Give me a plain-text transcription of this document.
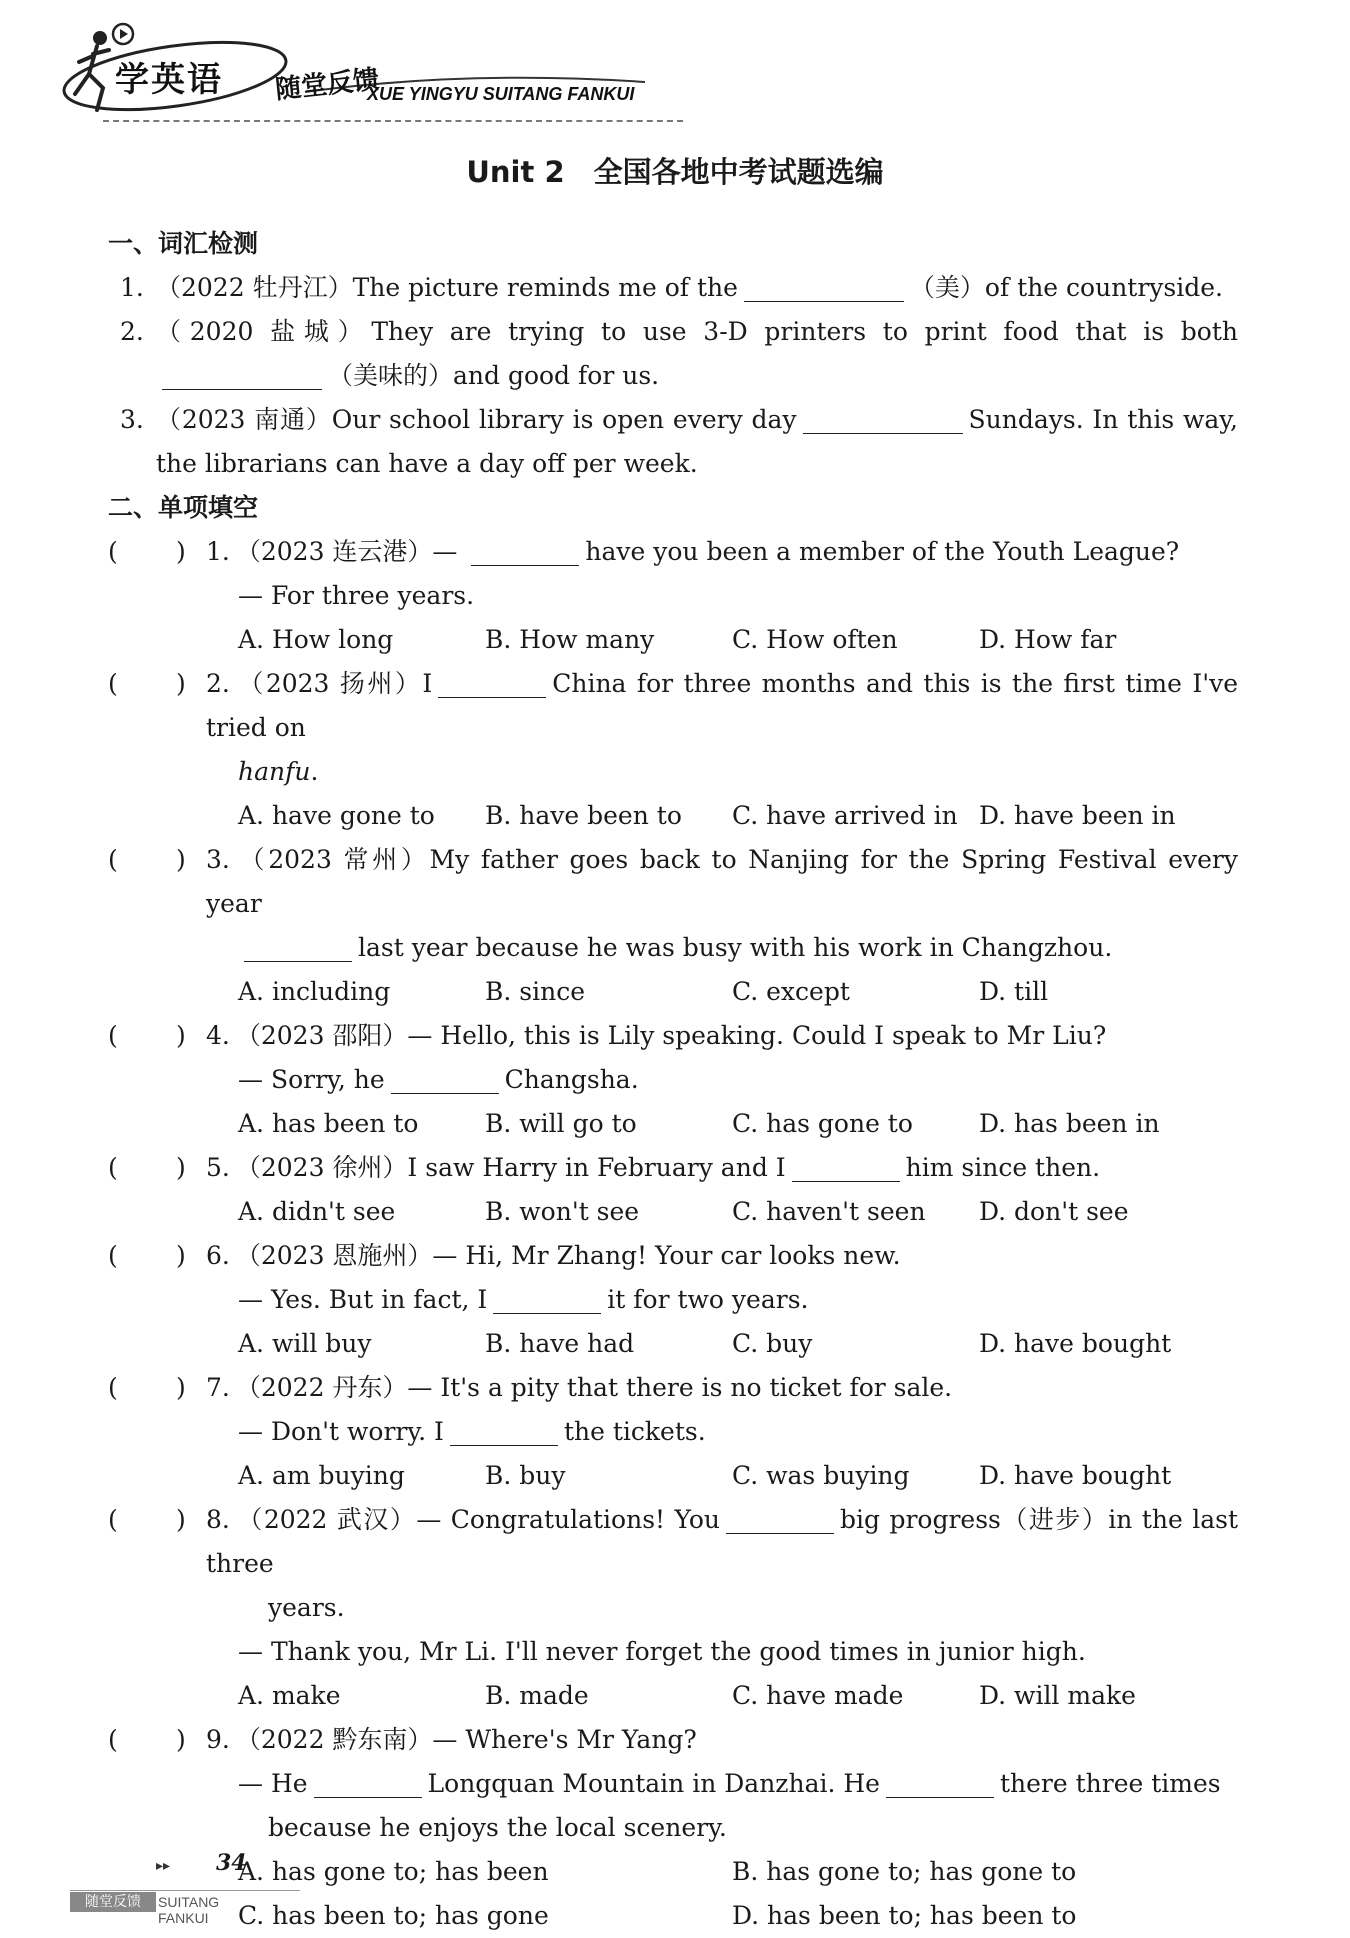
学英语 随堂反馈
XUE YINGYU SUITANG FANKUI
Unit 2　全国各地中考试题选编
一、词汇检测
1. （2022 牡丹江）The picture reminds me of the	（美）of the countryside.
2. （2020 盐城）They are trying to use 3-D printers to print food that is both（美味的）and good for us.
3. （2023 南通）Our school library is open every day	Sundays. In this way, the librarians can have a day off per week.
二、单项填空
( ) 1. （2023 连云港）—	have you been a member of the Youth League?
— For three years.
A. How long	B. How many	C. How often	D. How far
( ) 2. （2023 扬州）I	China for three months and this is the first time I've tried on
hanfu.
A. have gone to	B. have been to	C. have arrived in D. have been in
( ) 3. （2023 常州）My father goes back to Nanjing for the Spring Festival every year
last year because he was busy with his work in Changzhou.
A. including	B. since	C. except	D. till
( ) 4. （2023 邵阳）— Hello, this is Lily speaking. Could I speak to Mr Liu?
— Sorry, he	Changsha.
A. has been to	B. will go to	C. has gone to	D. has been in
( ) 5. （2023 徐州）I saw Harry in February and I	him since then.
A. didn't see	B. won't see	C. haven't seen	D. don't see
( ) 6. （2023 恩施州）— Hi, Mr Zhang! Your car looks new.
— Yes. But in fact, I	it for two years.
A. will buy	B. have had	C. buy	D. have bought
( ) 7. （2022 丹东）— It's a pity that there is no ticket for sale.
— Don't worry. I	the tickets.
A. am buying	B. buy	C. was buying	D. have bought
( ) 8. （2022 武汉）— Congratulations! You	big progress（进步）in the last three
years.
— Thank you, Mr Li. I'll never forget the good times in junior high.
A. make	B. made	C. have made	D. will make
( ) 9. （2022 黔东南）— Where's Mr Yang?
— He	Longquan Mountain in Danzhai. He	there three times
because he enjoys the local scenery.
A. has gone to; has been	B. has gone to; has gone to
C. has been to; has gone	D. has been to; has been to
▸▸ 34
随堂反馈	SUITANG FANKUI
